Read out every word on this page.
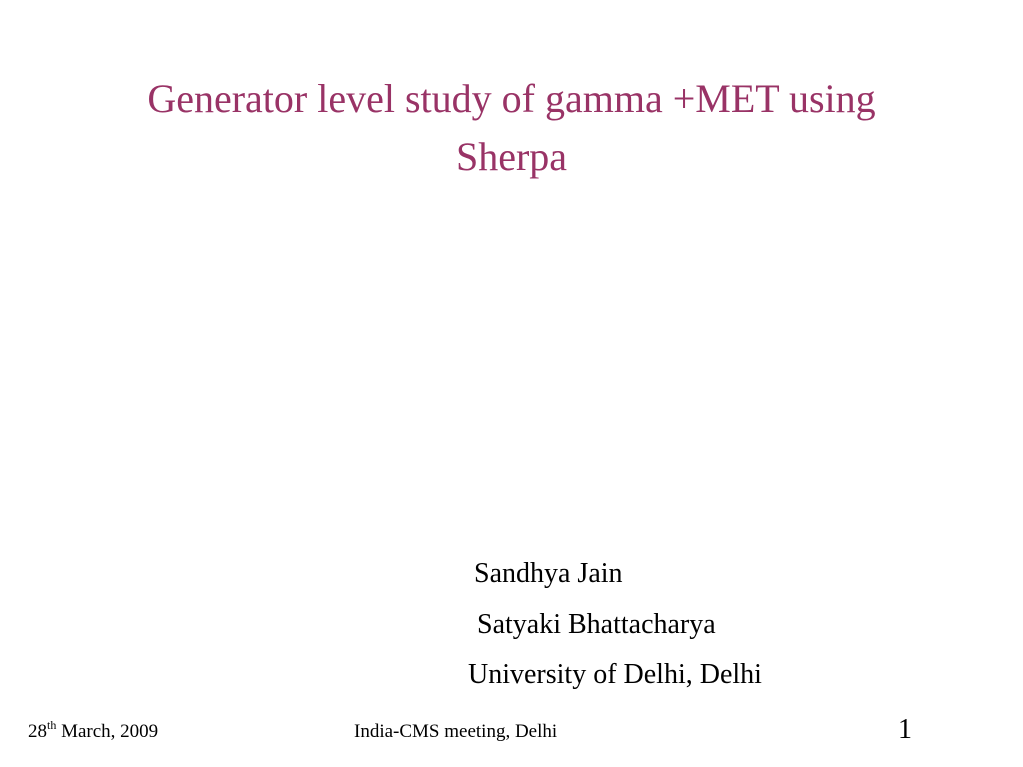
Generator level study of gamma +MET using
Sherpa
Sandhya Jain
Satyaki Bhattacharya
University of Delhi, Delhi
28th March, 2009	India-CMS meeting, Delhi	1
